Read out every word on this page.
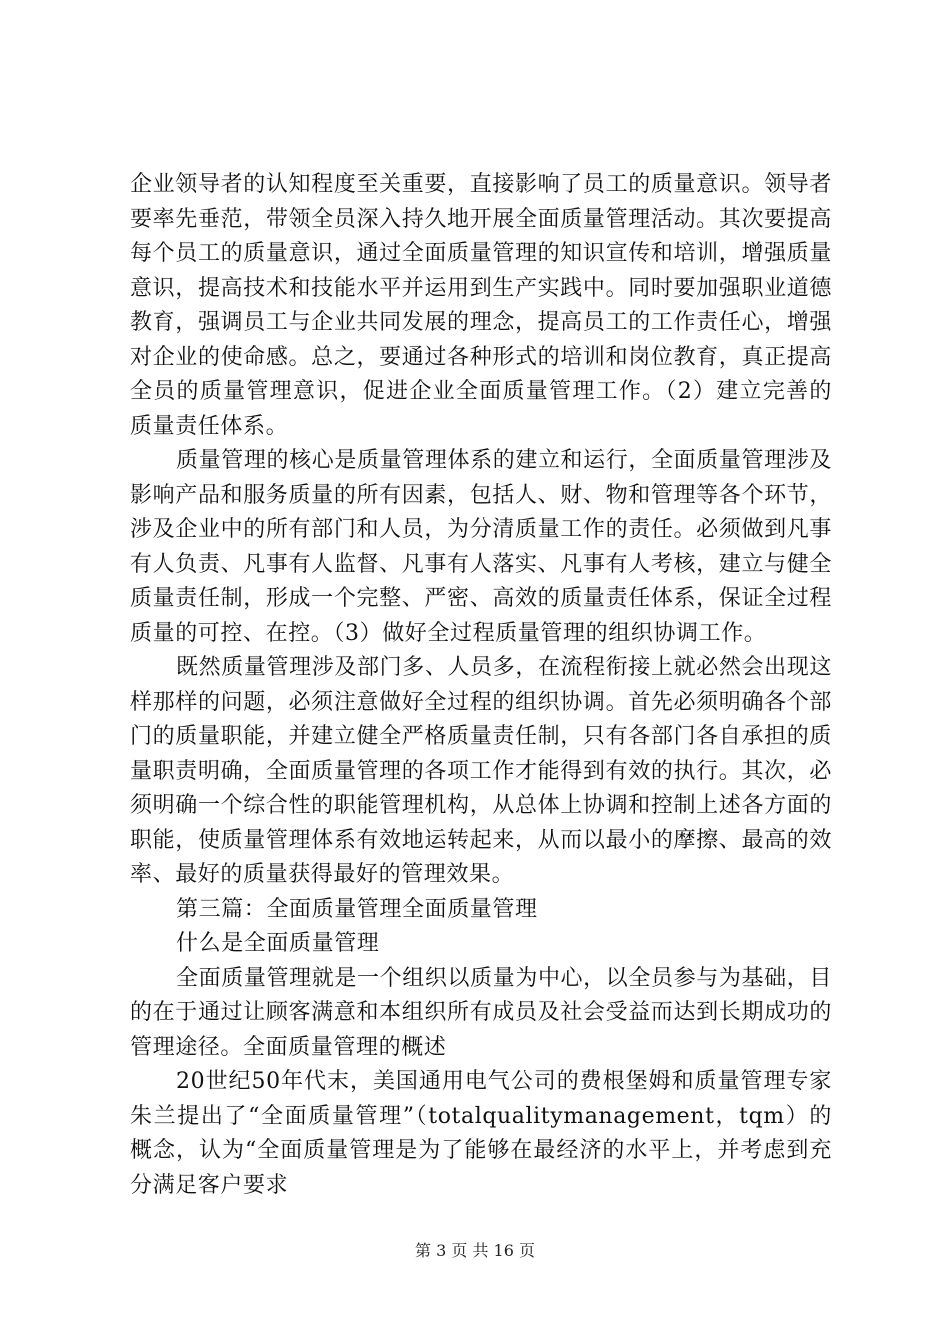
企业领导者的认知程度至关重要，直接影响了员工的质量意识。领导者要率先垂范，带领全员深入持久地开展全面质量管理活动。其次要提高每个员工的质量意识，通过全面质量管理的知识宣传和培训，增强质量意识，提高技术和技能水平并运用到生产实践中。同时要加强职业道德教育，强调员工与企业共同发展的理念，提高员工的工作责任心，增强对企业的使命感。总之，要通过各种形式的培训和岗位教育，真正提高全员的质量管理意识，促进企业全面质量管理工作。（2）建立完善的质量责任体系。

质量管理的核心是质量管理体系的建立和运行，全面质量管理涉及影响产品和服务质量的所有因素，包括人、财、物和管理等各个环节，涉及企业中的所有部门和人员，为分清质量工作的责任。必须做到凡事有人负责、凡事有人监督、凡事有人落实、凡事有人考核，建立与健全质量责任制，形成一个完整、严密、高效的质量责任体系，保证全过程质量的可控、在控。（3）做好全过程质量管理的组织协调工作。

既然质量管理涉及部门多、人员多，在流程衔接上就必然会出现这样那样的问题，必须注意做好全过程的组织协调。首先必须明确各个部门的质量职能，并建立健全严格质量责任制，只有各部门各自承担的质量职责明确，全面质量管理的各项工作才能得到有效的执行。其次，必须明确一个综合性的职能管理机构，从总体上协调和控制上述各方面的职能，使质量管理体系有效地运转起来，从而以最小的摩擦、最高的效率、最好的质量获得最好的管理效果。

第三篇：全面质量管理全面质量管理

什么是全面质量管理

全面质量管理就是一个组织以质量为中心，以全员参与为基础，目的在于通过让顾客满意和本组织所有成员及社会受益而达到长期成功的管理途径。全面质量管理的概述

20世纪50年代末，美国通用电气公司的费根堡姆和质量管理专家朱兰提出了“全面质量管理”（totalqualitymanagement，tqm）的概念，认为“全面质量管理是为了能够在最经济的水平上，并考虑到充分满足客户要求

第 3 页 共 16 页
